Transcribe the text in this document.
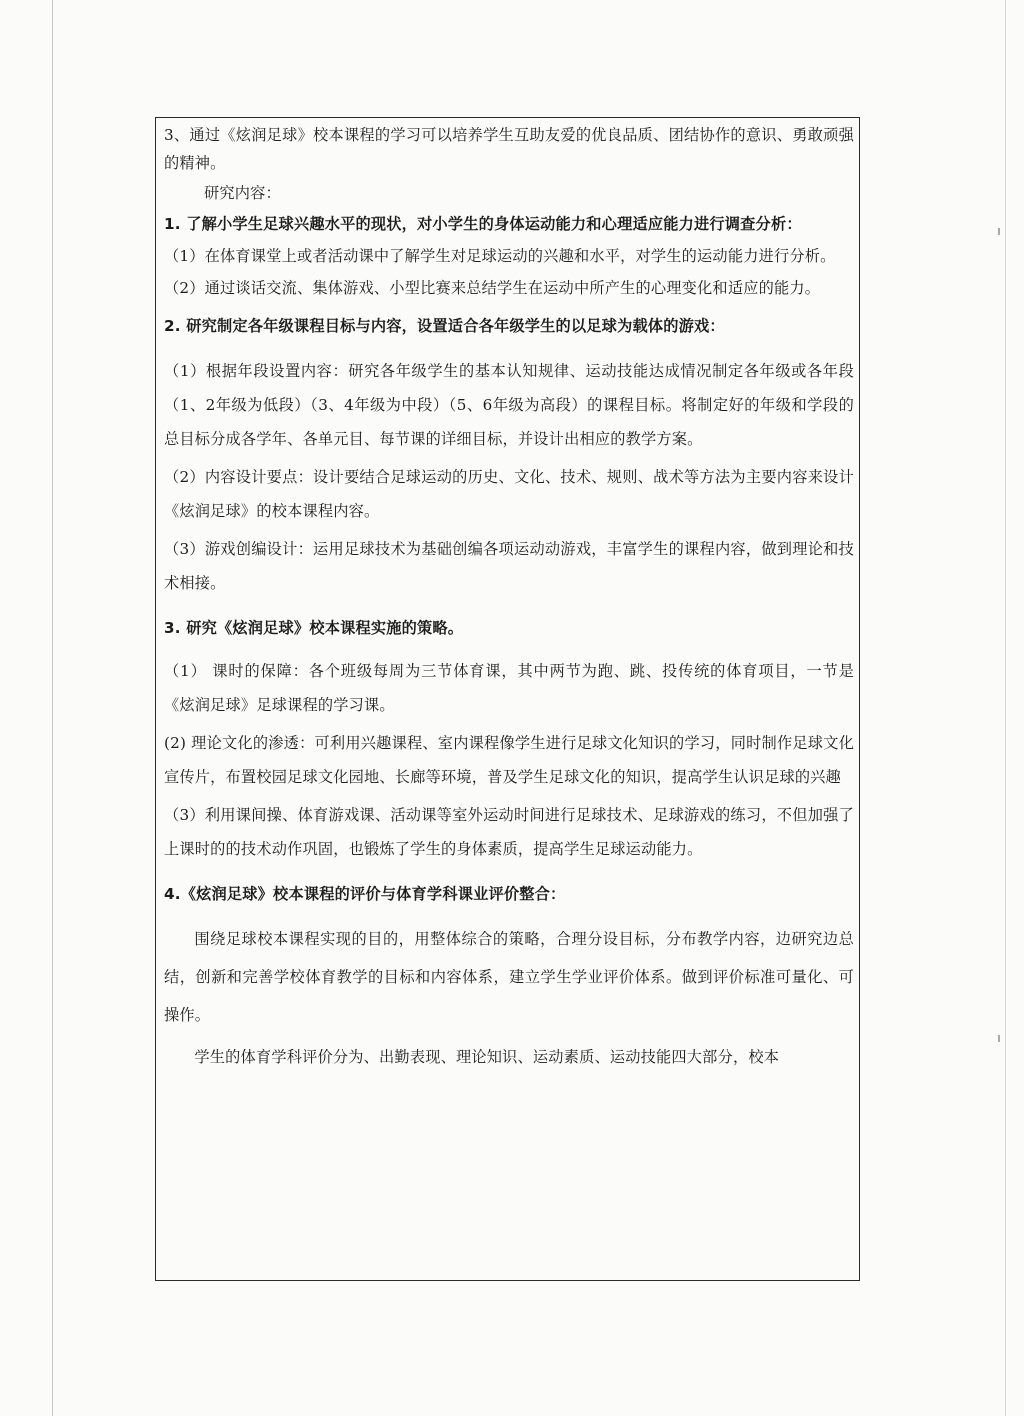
3、通过《炫润足球》校本课程的学习可以培养学生互助友爱的优良品质、团结协作的意识、勇敢顽强的精神。

研究内容：

1. 了解小学生足球兴趣水平的现状，对小学生的身体运动能力和心理适应能力进行调查分析：

（1）在体育课堂上或者活动课中了解学生对足球运动的兴趣和水平，对学生的运动能力进行分析。

（2）通过谈话交流、集体游戏、小型比赛来总结学生在运动中所产生的心理变化和适应的能力。

2. 研究制定各年级课程目标与内容，设置适合各年级学生的以足球为载体的游戏：

（1）根据年段设置内容：研究各年级学生的基本认知规律、运动技能达成情况制定各年级或各年段（1、2年级为低段）（3、4年级为中段）（5、6年级为高段）的课程目标。将制定好的年级和学段的总目标分成各学年、各单元目、每节课的详细目标，并设计出相应的教学方案。

（2）内容设计要点：设计要结合足球运动的历史、文化、技术、规则、战术等方法为主要内容来设计《炫润足球》的校本课程内容。

（3）游戏创编设计：运用足球技术为基础创编各项运动动游戏，丰富学生的课程内容，做到理论和技术相接。

3. 研究《炫润足球》校本课程实施的策略。

（1） 课时的保障：各个班级每周为三节体育课，其中两节为跑、跳、投传统的体育项目，一节是《炫润足球》足球课程的学习课。

(2) 理论文化的渗透：可利用兴趣课程、室内课程像学生进行足球文化知识的学习，同时制作足球文化宣传片，布置校园足球文化园地、长廊等环境，普及学生足球文化的知识，提高学生认识足球的兴趣

（3）利用课间操、体育游戏课、活动课等室外运动时间进行足球技术、足球游戏的练习，不但加强了上课时的的技术动作巩固，也锻炼了学生的身体素质，提高学生足球运动能力。

4.《炫润足球》校本课程的评价与体育学科课业评价整合：

围绕足球校本课程实现的目的，用整体综合的策略，合理分设目标，分布教学内容，边研究边总结，创新和完善学校体育教学的目标和内容体系，建立学生学业评价体系。做到评价标准可量化、可操作。

学生的体育学科评价分为、出勤表现、理论知识、运动素质、运动技能四大部分，校本
